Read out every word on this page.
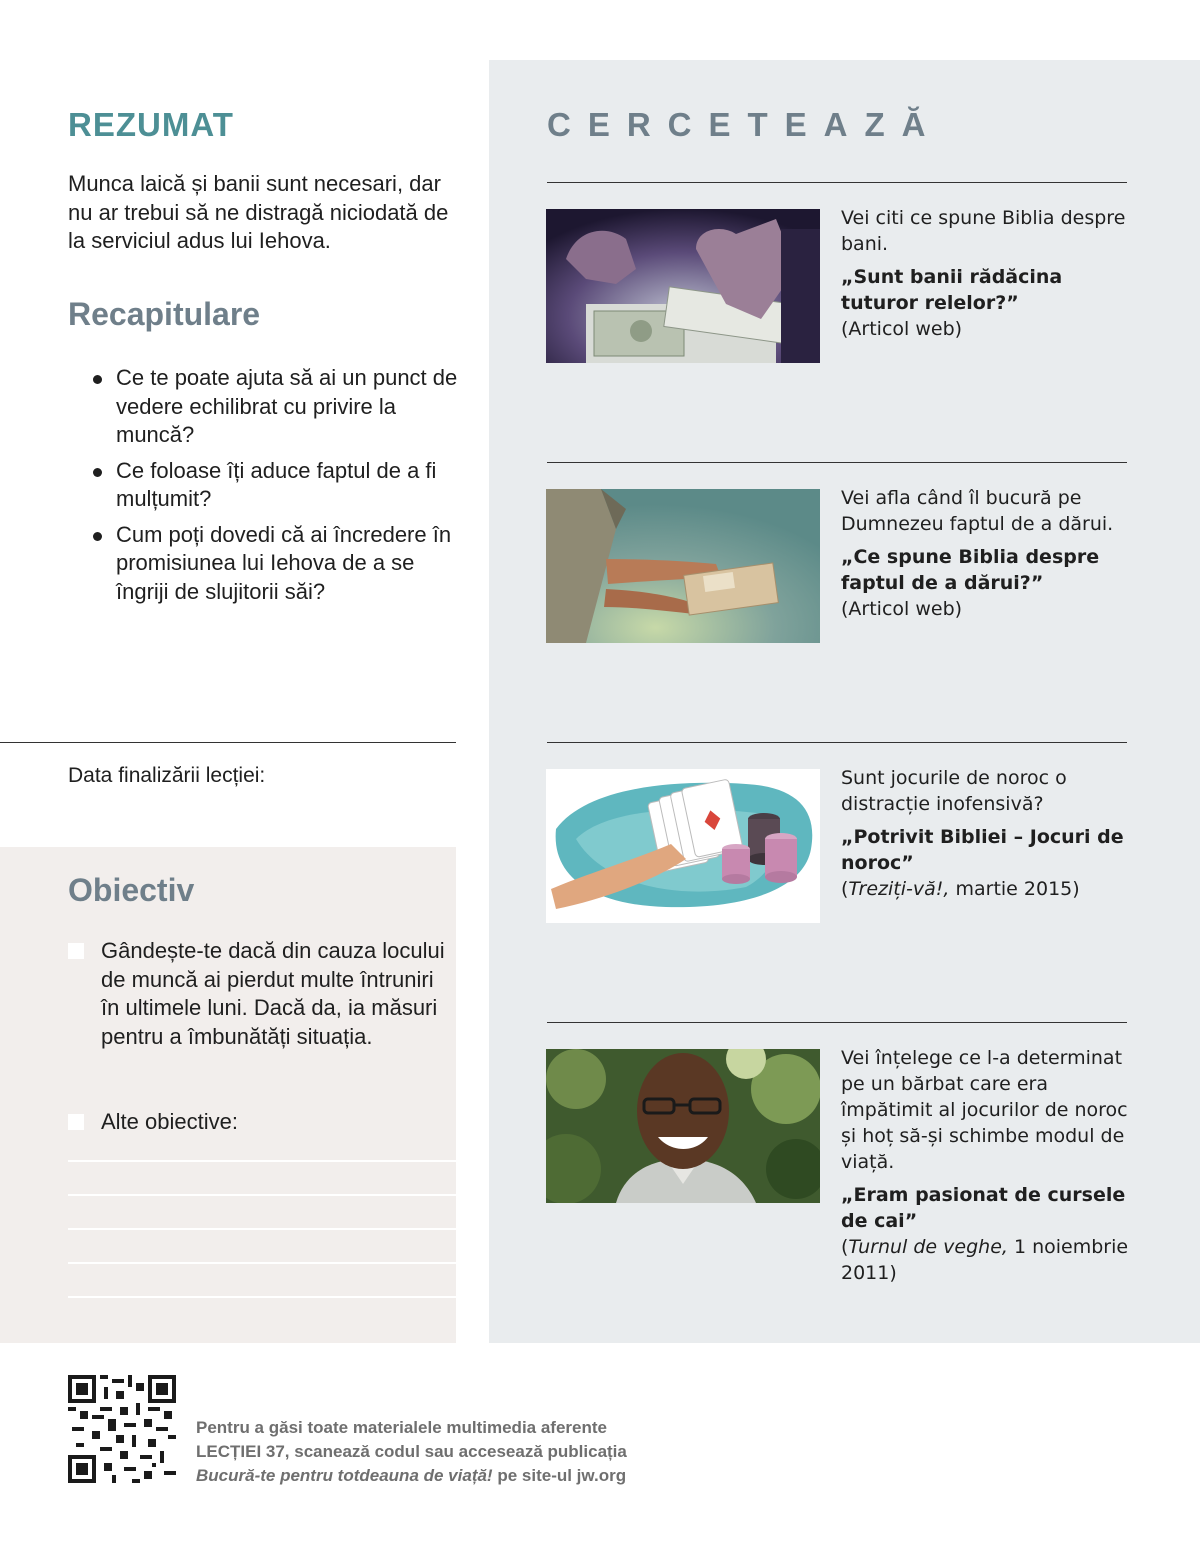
REZUMAT

Munca laică și banii sunt necesari, dar nu ar trebui să ne distragă niciodată de la serviciul adus lui Iehova.

Recapitulare
Ce te poate ajuta să ai un punct de vedere echilibrat cu privire la muncă?
Ce foloase îți aduce faptul de a fi mulțumit?
Cum poți dovedi că ai încredere în promisiunea lui Iehova de a se îngriji de slujitorii săi?
Data finalizării lecției:
Obiectiv
Gândește-te dacă din cauza locului de muncă ai pierdut multe întruniri în ultimele luni. Dacă da, ia măsuri pentru a îmbunătăți situația.
Alte obiective:
CERCETEAZĂ
Vei citi ce spune Biblia despre bani.
„Sunt banii rădăcina tuturor relelor?”
(Articol web)
Vei afla când îl bucură pe Dumnezeu faptul de a dărui.
„Ce spune Biblia despre faptul de a dărui?”
(Articol web)
Sunt jocurile de noroc o distracție inofensivă?
„Potrivit Bibliei – Jocuri de noroc”
(Treziți-vă!, martie 2015)
Vei înțelege ce l-a determinat pe un bărbat care era împătimit al jocurilor de noroc și hoț să-și schimbe modul de viață.
„Eram pasionat de cursele de cai”
(Turnul de veghe, 1 noiembrie 2011)
Pentru a găsi toate materialele multimedia aferente
LECȚIEI 37, scanează codul sau accesează publicația
Bucură-te pentru totdeauna de viață! pe site-ul jw.org
